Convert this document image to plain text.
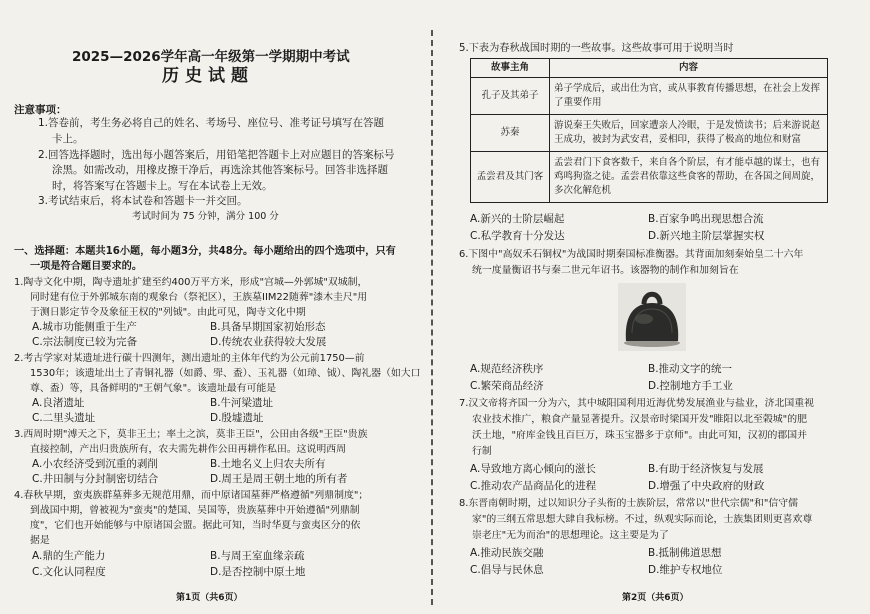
2025—2026学年高一年级第一学期期中考试
历史试题
注意事项：
1.答卷前，考生务必将自己的姓名、考场号、座位号、准考证号填写在答题
卡上。
2.回答选择题时，选出每小题答案后，用铅笔把答题卡上对应题目的答案标号
涂黑。如需改动，用橡皮擦干净后，再选涂其他答案标号。回答非选择题
时，将答案写在答题卡上。写在本试卷上无效。
3.考试结束后，将本试卷和答题卡一并交回。
考试时间为 75 分钟，满分 100 分
一、选择题：本题共16小题，每小题3分，共48分。每小题给出的四个选项中，只有
一项是符合题目要求的。
1.陶寺文化中期，陶寺遗址扩建至约400万平方米，形成"宫城—外郭城"双城制，
同时建有位于外郭城东南的观象台（祭祀区），王族墓IIM22随葬"漆木圭尺"用
于测日影定节令及象征王权的"列钺"。由此可见，陶寺文化中期
A.城市功能侧重于生产	B.具备早期国家初始形态
C.宗法制度已较为完备	D.传统农业获得较大发展
2.考古学家对某遗址进行碳十四测年，测出遗址的主体年代约为公元前1750—前
1530年；该遗址出土了青铜礼器（如爵、斝、盉）、玉礼器（如璋、钺）、陶礼器（如大口
尊、盉）等，具备鲜明的"王朝气象"。该遗址最有可能是
A.良渚遗址	B.牛河梁遗址
C.二里头遗址	D.殷墟遗址
3.西周时期"溥天之下，莫非王土；率土之滨，莫非王臣"，公田由各级"王臣"贵族
直接控制，产出归贵族所有，农夫需先耕作公田再耕作私田。这说明西周
A.小农经济受到沉重的剥削	B.土地名义上归农夫所有
C.井田制与分封制密切结合	D.周王是周王朝土地的所有者
4.春秋早期，蛮夷族群墓葬多无规范用鼎，而中原诸国墓葬严格遵循"列鼎制度"；
到战国中期，曾被视为"蛮夷"的楚国、吴国等，贵族墓葬中开始遵循"列鼎制
度"，它们也开始能够与中原诸国会盟。据此可知，当时华夏与蛮夷区分的依
据是
A.鼎的生产能力	B.与周王室血缘亲疏
C.文化认同程度	D.是否控制中原土地
第1页（共6页）
5.下表为春秋战国时期的一些故事。这些故事可用于说明当时
故事主角	内容
孔子及其弟子	弟子学成后，或出仕为官，或从事教育传播思想，在社会上发挥了重要作用
苏秦	游说秦王失败后，回家遭亲人冷眼，于是发愤读书；后来游说赵王成功，被封为武安君，妥相印，获得了极高的地位和财富
孟尝君及其门客	孟尝君门下食客数千，来自各个阶层，有才能卓越的谋士，也有鸡鸣狗盗之徒。孟尝君依靠这些食客的帮助，在各国之间周旋，多次化解危机
A.新兴的士阶层崛起	B.百家争鸣出现思想合流
C.私学教育十分发达	D.新兴地主阶层掌握实权
6.下图中"高奴禾石铜权"为战国时期秦国标准衡器。其背面加刻秦始皇二十六年
统一度量衡诏书与秦二世元年诏书。该器物的制作和加刻旨在
A.规范经济秩序	B.推动文字的统一
C.繁荣商品经济	D.控制地方手工业
7.汉文帝将齐国一分为六，其中城阳国利用近海优势发展渔业与盐业，济北国重视
农业技术推广，粮食产量显著提升。汉景帝时梁国开发"睢阳以北至榖城"的肥
沃土地，"府库金钱且百巨万，珠玉宝器多于京师"。由此可知，汉初的郡国并
行制
A.导致地方离心倾向的滋长	B.有助于经济恢复与发展
C.推动农产品商品化的进程	D.增强了中央政府的财政
8.东晋南朝时期，过以知识分子头衔的士族阶层，常常以"世代宗儒"和"信守儒
家"的三纲五常思想大肆自我标榜。不过，纵观实际而论，士族集团则更喜欢尊
崇老庄"无为而治"的思想理论。这主要是为了
A.推动民族交融	B.抵制佛道思想
C.倡导与民休息	D.维护专权地位
第2页（共6页）
